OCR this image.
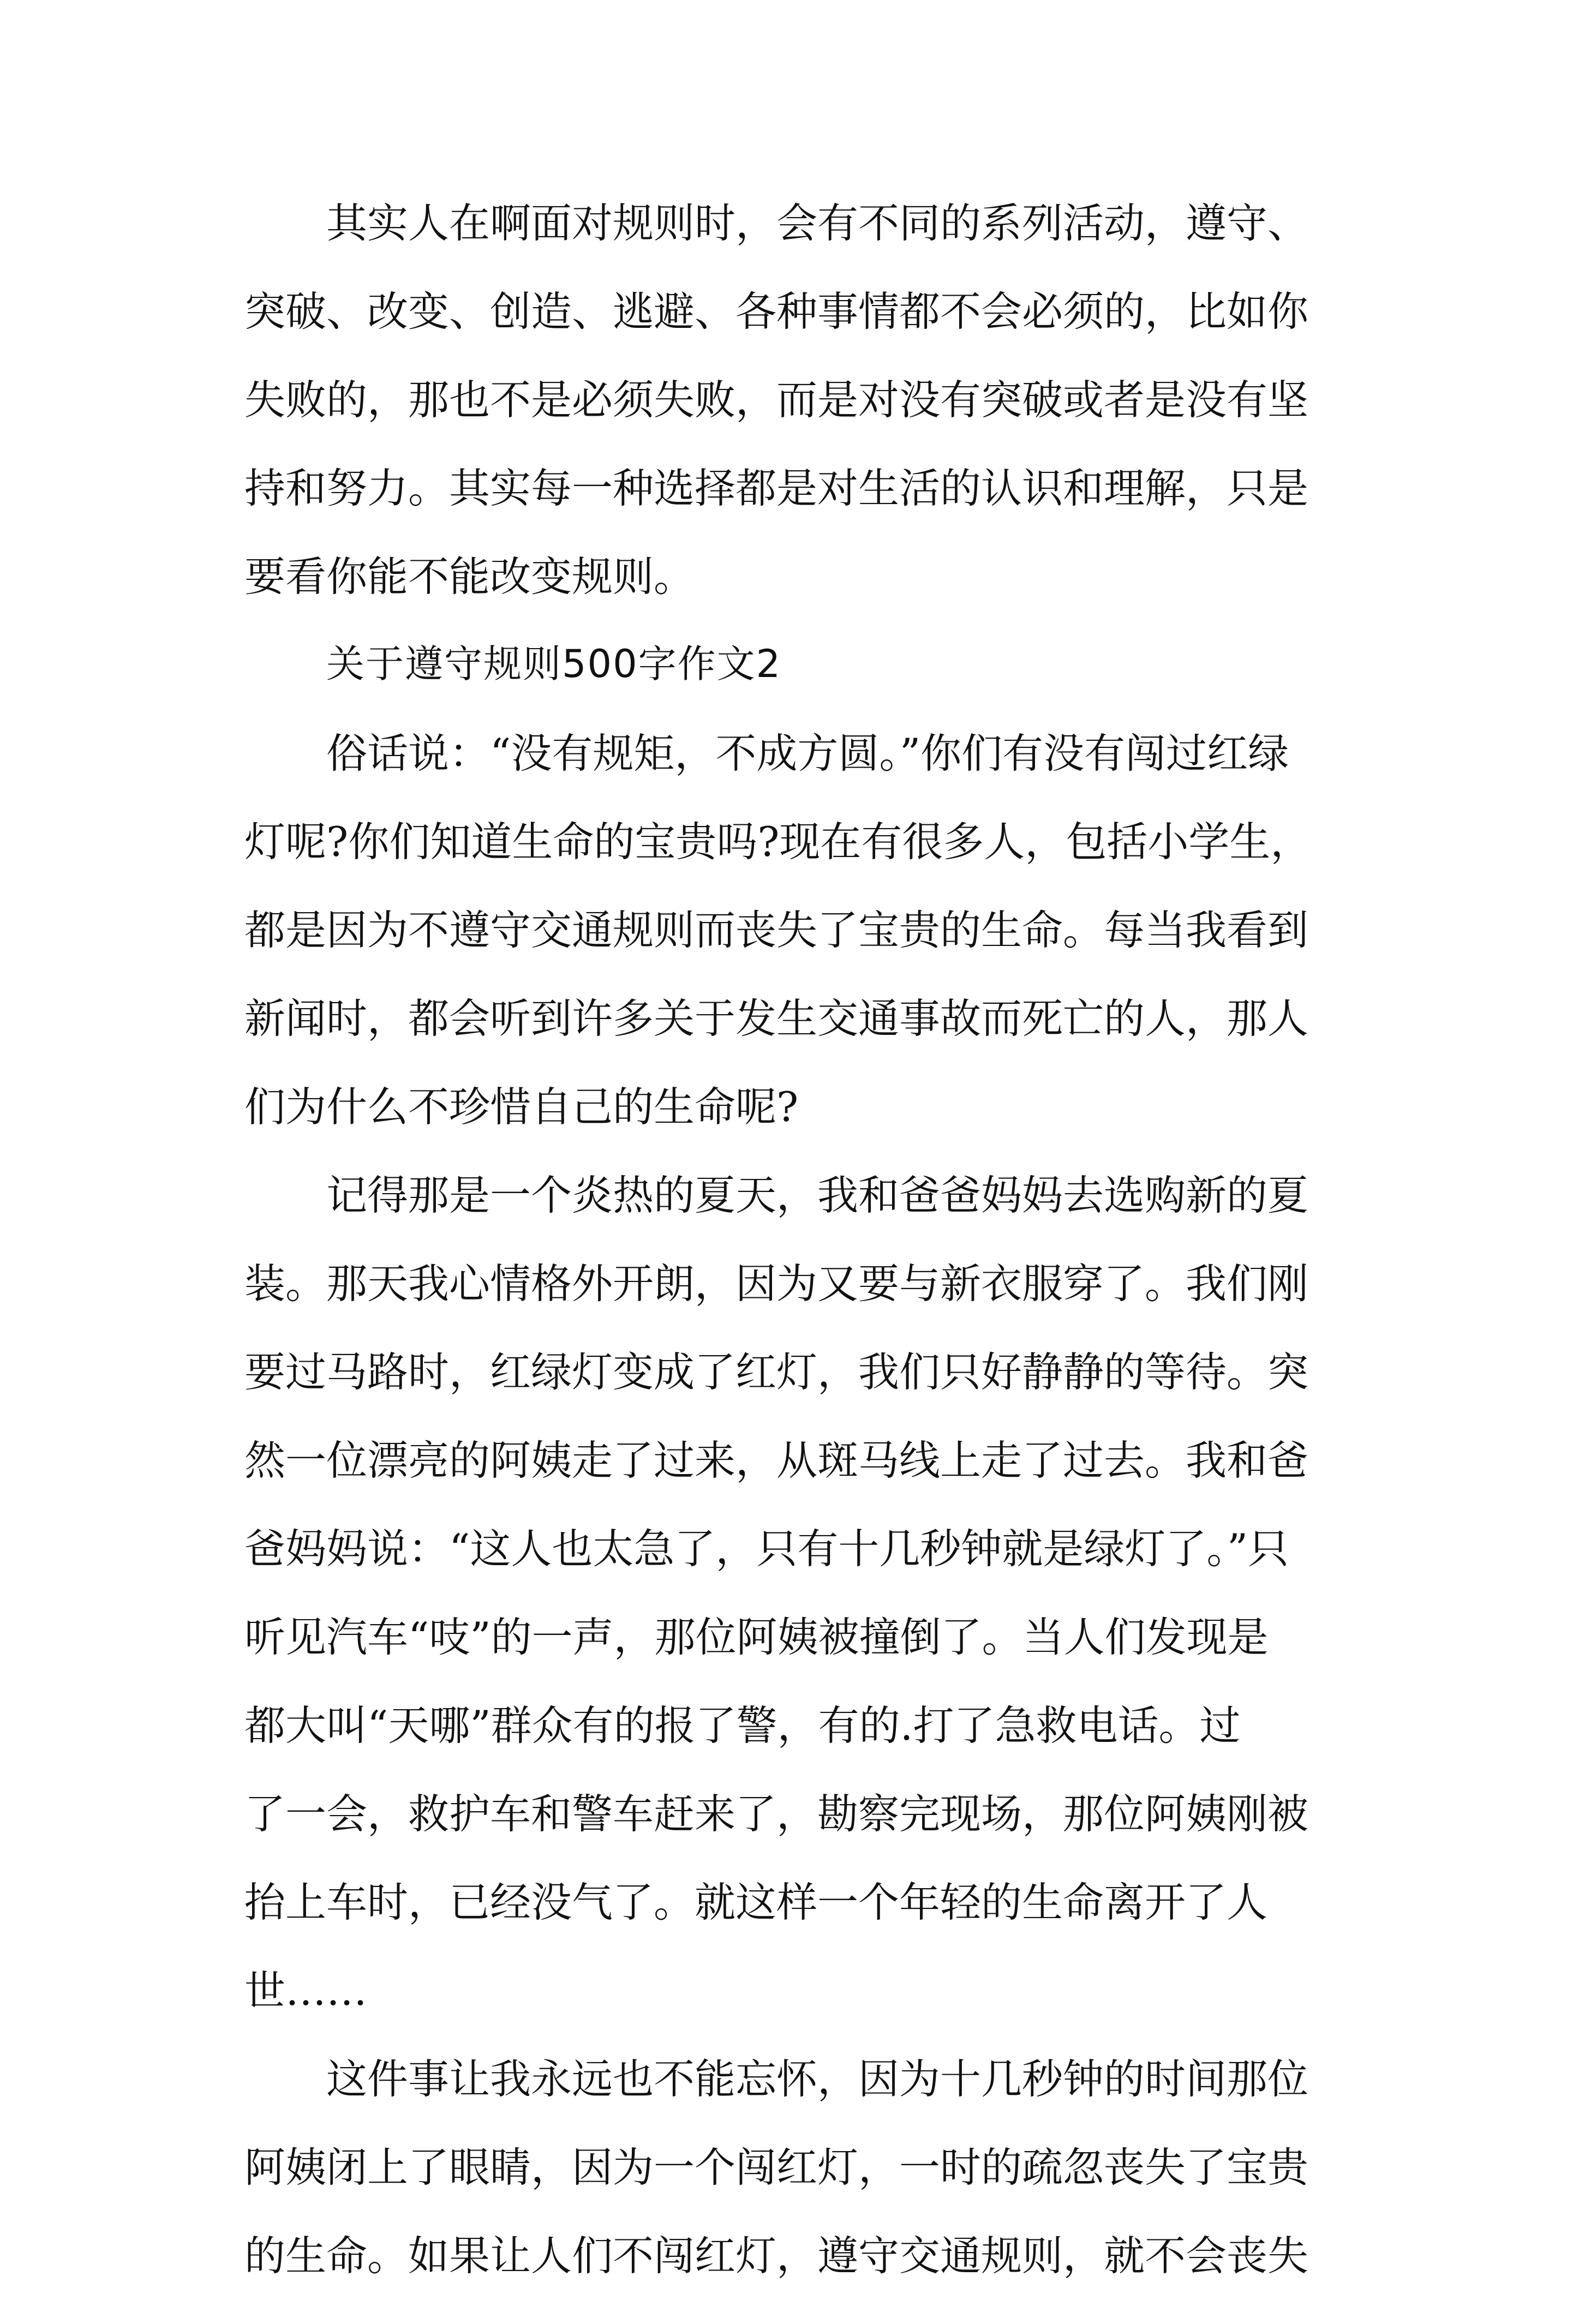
其实人在啊面对规则时，会有不同的系列活动，遵守、
突破、改变、创造、逃避、各种事情都不会必须的，比如你
失败的，那也不是必须失败，而是对没有突破或者是没有坚
持和努力。其实每一种选择都是对生活的认识和理解，只是
要看你能不能改变规则。
关于遵守规则500字作文2
俗话说：“没有规矩，不成方圆。”你们有没有闯过红绿
灯呢?你们知道生命的宝贵吗?现在有很多人，包括小学生，
都是因为不遵守交通规则而丧失了宝贵的生命。每当我看到
新闻时，都会听到许多关于发生交通事故而死亡的人，那人
们为什么不珍惜自己的生命呢?
记得那是一个炎热的夏天，我和爸爸妈妈去选购新的夏
装。那天我心情格外开朗，因为又要与新衣服穿了。我们刚
要过马路时，红绿灯变成了红灯，我们只好静静的等待。突
然一位漂亮的阿姨走了过来，从斑马线上走了过去。我和爸
爸妈妈说：“这人也太急了，只有十几秒钟就是绿灯了。”只
听见汽车“吱”的一声，那位阿姨被撞倒了。当人们发现是
都大叫“天哪”群众有的报了警，有的.打了急救电话。过
了一会，救护车和警车赶来了，勘察完现场，那位阿姨刚被
抬上车时，已经没气了。就这样一个年轻的生命离开了人
世……
这件事让我永远也不能忘怀，因为十几秒钟的时间那位
阿姨闭上了眼睛，因为一个闯红灯，一时的疏忽丧失了宝贵
的生命。如果让人们不闯红灯，遵守交通规则，就不会丧失
